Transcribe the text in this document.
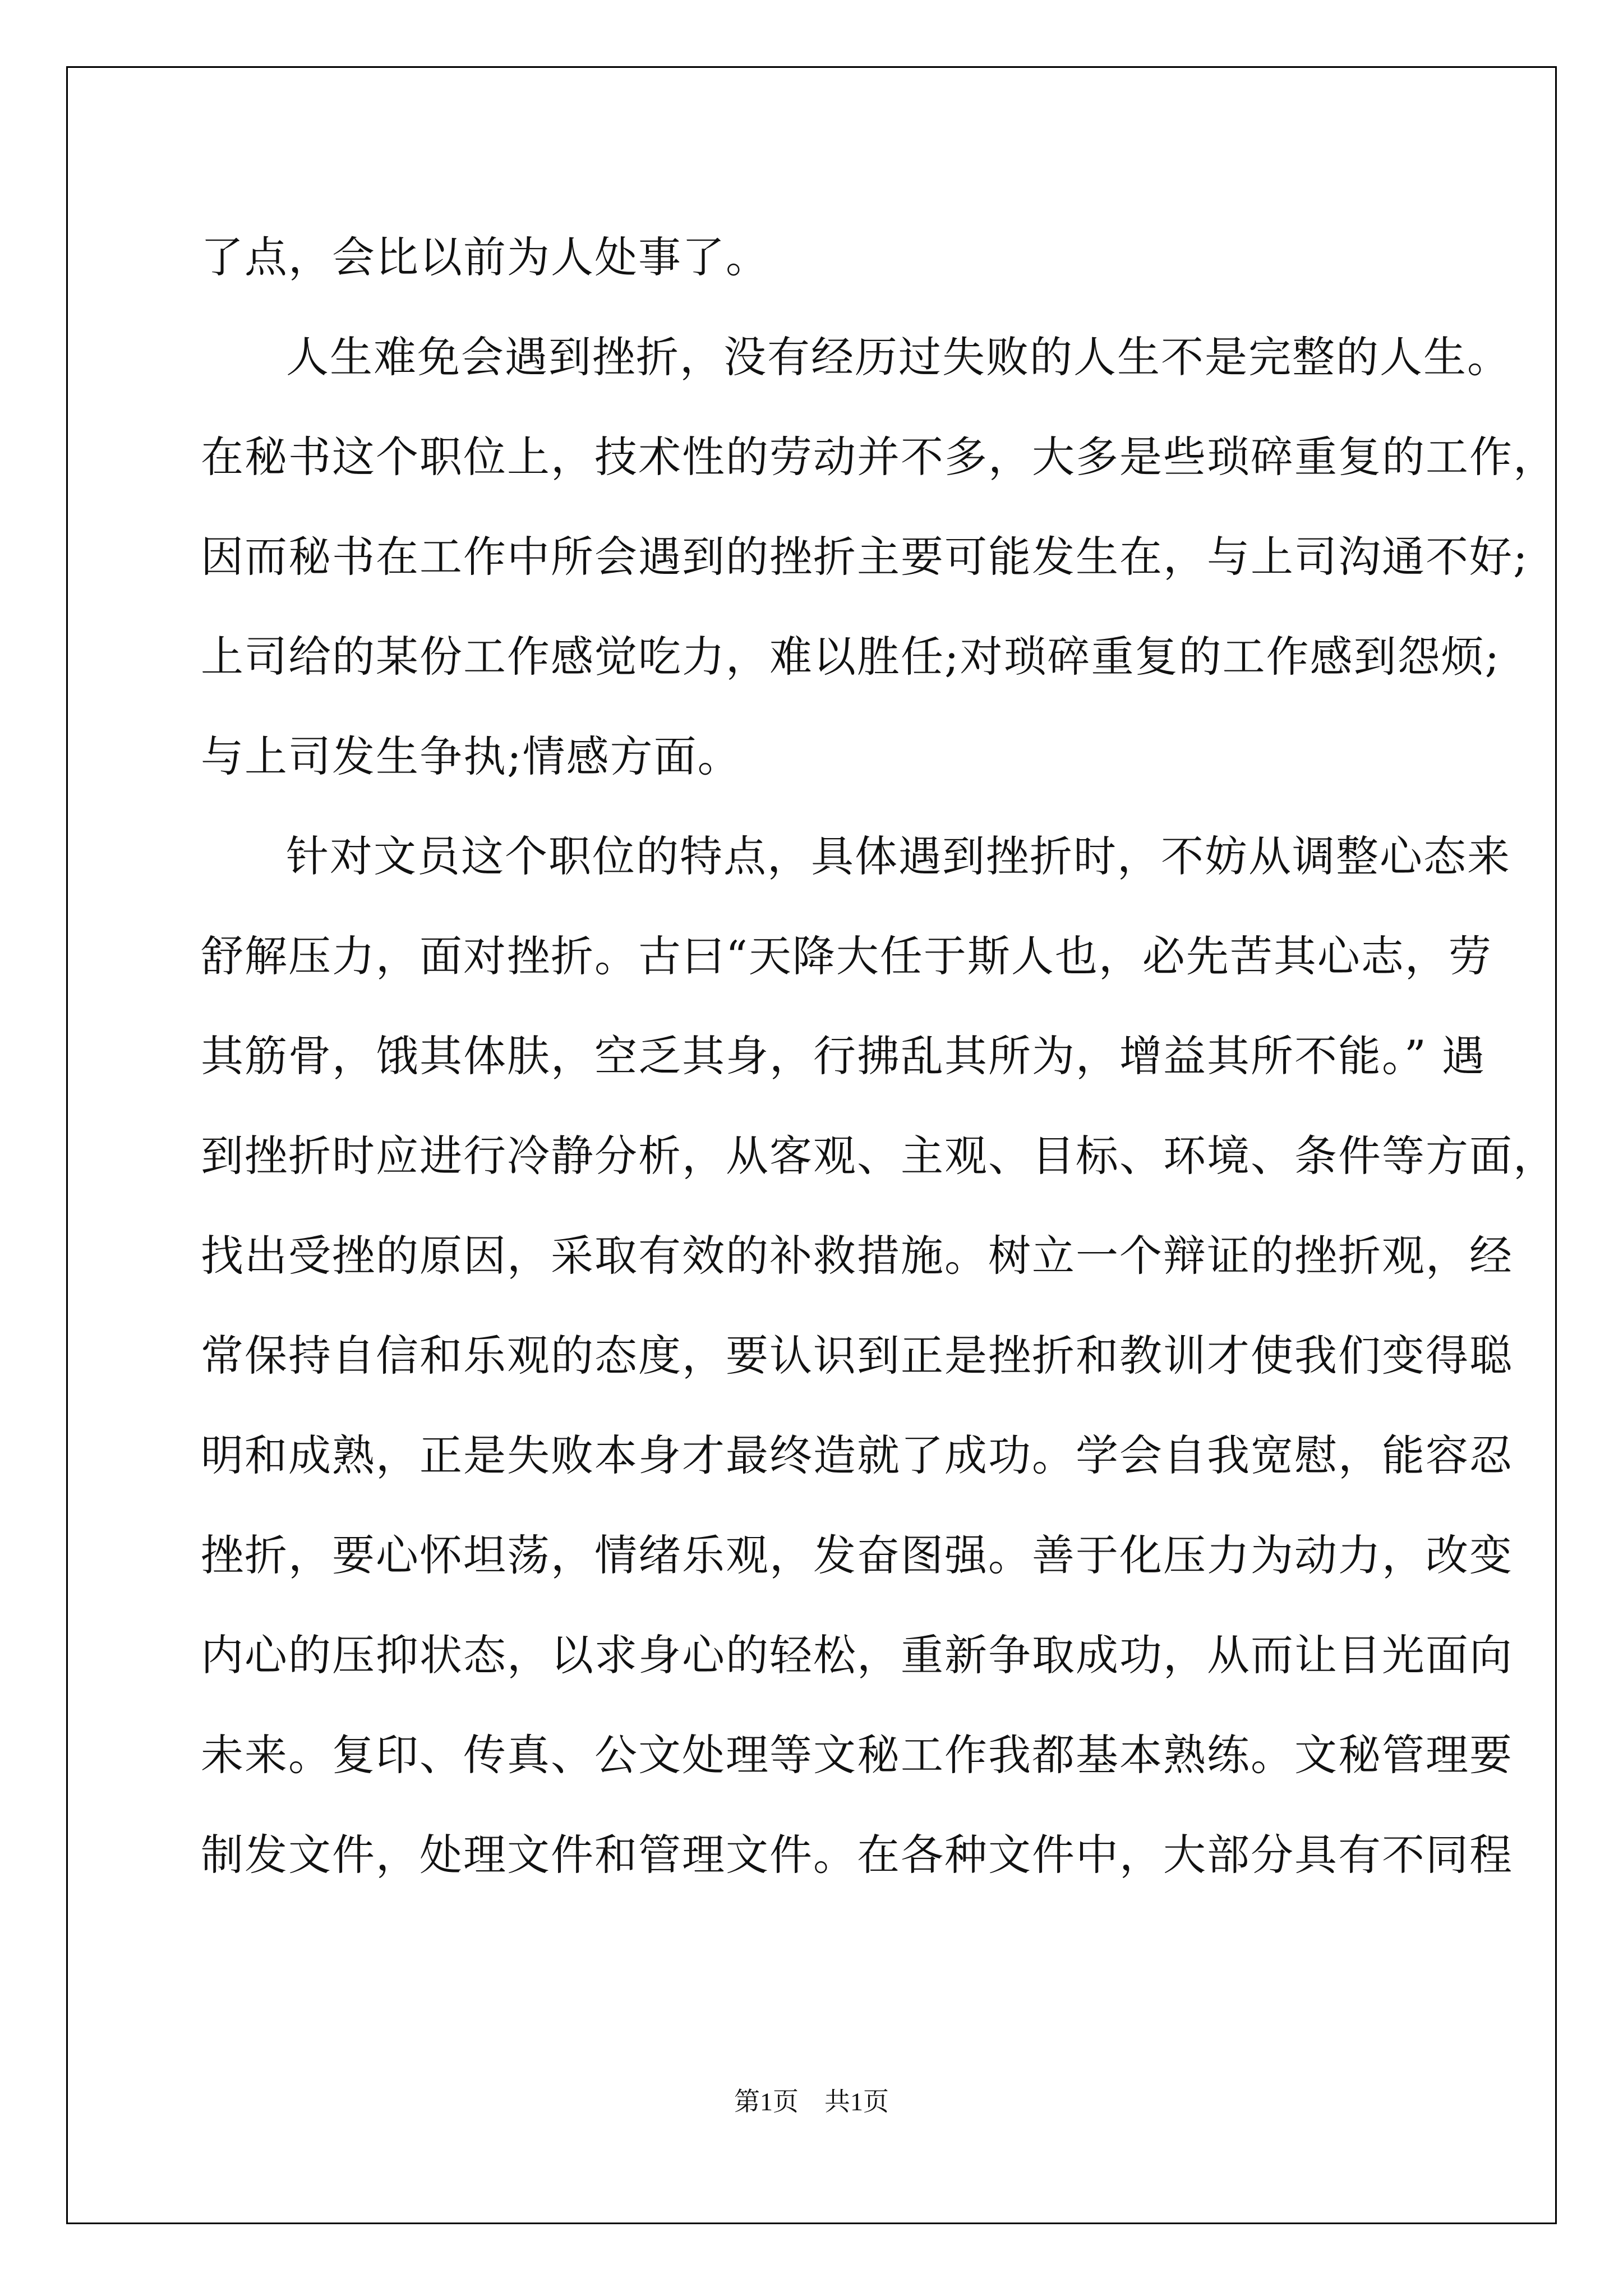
了点，会比以前为人处事了。
人生难免会遇到挫折，没有经历过失败的人生不是完整的人生。
在秘书这个职位上，技术性的劳动并不多，大多是些琐碎重复的工作，
因而秘书在工作中所会遇到的挫折主要可能发生在，与上司沟通不好;
上司给的某份工作感觉吃力，难以胜任;对琐碎重复的工作感到怨烦;
与上司发生争执;情感方面。
针对文员这个职位的特点，具体遇到挫折时，不妨从调整心态来
舒解压力，面对挫折。古曰“天降大任于斯人也，必先苦其心志，劳
其筋骨，饿其体肤，空乏其身，行拂乱其所为，增益其所不能。” 遇
到挫折时应进行冷静分析，从客观、主观、目标、环境、条件等方面，
找出受挫的原因，采取有效的补救措施。树立一个辩证的挫折观，经
常保持自信和乐观的态度，要认识到正是挫折和教训才使我们变得聪
明和成熟，正是失败本身才最终造就了成功。学会自我宽慰，能容忍
挫折，要心怀坦荡，情绪乐观，发奋图强。善于化压力为动力，改变
内心的压抑状态，以求身心的轻松，重新争取成功，从而让目光面向
未来。复印、传真、公文处理等文秘工作我都基本熟练。文秘管理要
制发文件，处理文件和管理文件。在各种文件中，大部分具有不同程
第1页 共1页
